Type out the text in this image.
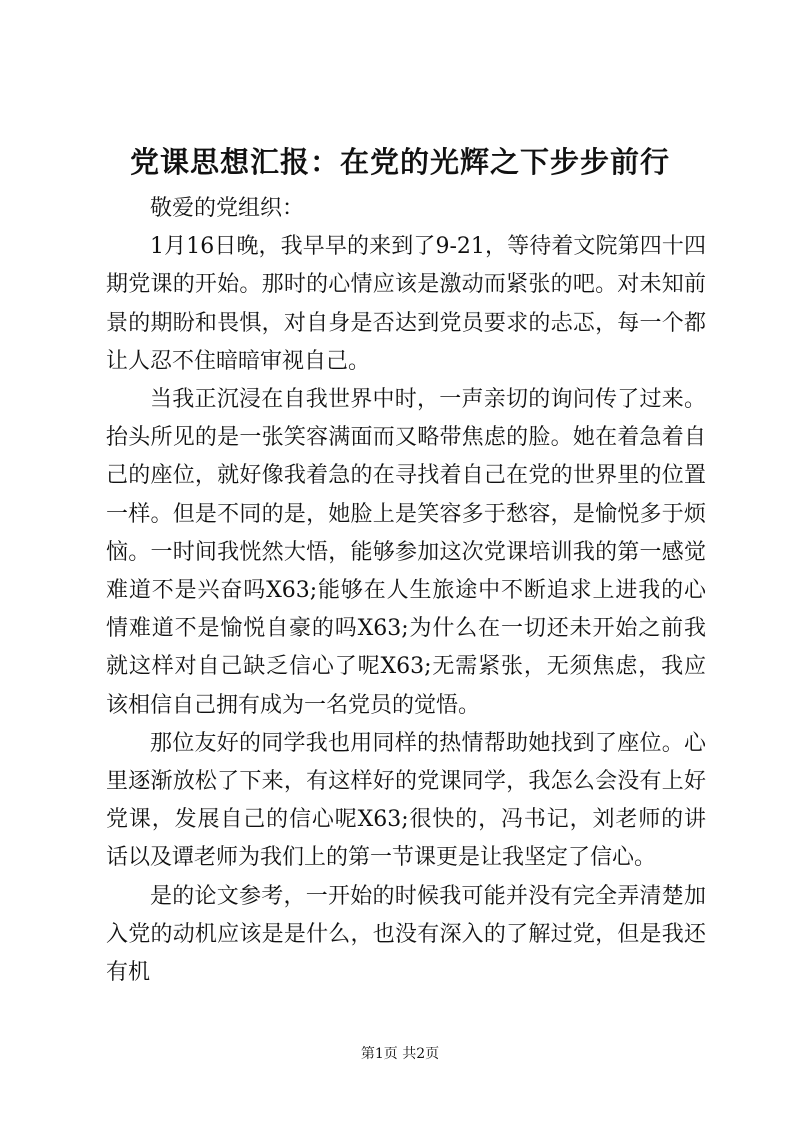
党课思想汇报：在党的光辉之下步步前行

敬爱的党组织：

1月16日晚，我早早的来到了9-21，等待着文院第四十四期党课的开始。那时的心情应该是激动而紧张的吧。对未知前景的期盼和畏惧，对自身是否达到党员要求的忐忑，每一个都让人忍不住暗暗审视自己。

当我正沉浸在自我世界中时，一声亲切的询问传了过来。抬头所见的是一张笑容满面而又略带焦虑的脸。她在着急着自己的座位，就好像我着急的在寻找着自己在党的世界里的位置一样。但是不同的是，她脸上是笑容多于愁容，是愉悦多于烦恼。一时间我恍然大悟，能够参加这次党课培训我的第一感觉难道不是兴奋吗X63;能够在人生旅途中不断追求上进我的心情难道不是愉悦自豪的吗X63;为什么在一切还未开始之前我就这样对自己缺乏信心了呢X63;无需紧张，无须焦虑，我应该相信自己拥有成为一名党员的觉悟。

那位友好的同学我也用同样的热情帮助她找到了座位。心里逐渐放松了下来，有这样好的党课同学，我怎么会没有上好党课，发展自己的信心呢X63;很快的，冯书记，刘老师的讲话以及谭老师为我们上的第一节课更是让我坚定了信心。

是的论文参考，一开始的时候我可能并没有完全弄清楚加入党的动机应该是是什么，也没有深入的了解过党，但是我还有机

第1页 共2页
